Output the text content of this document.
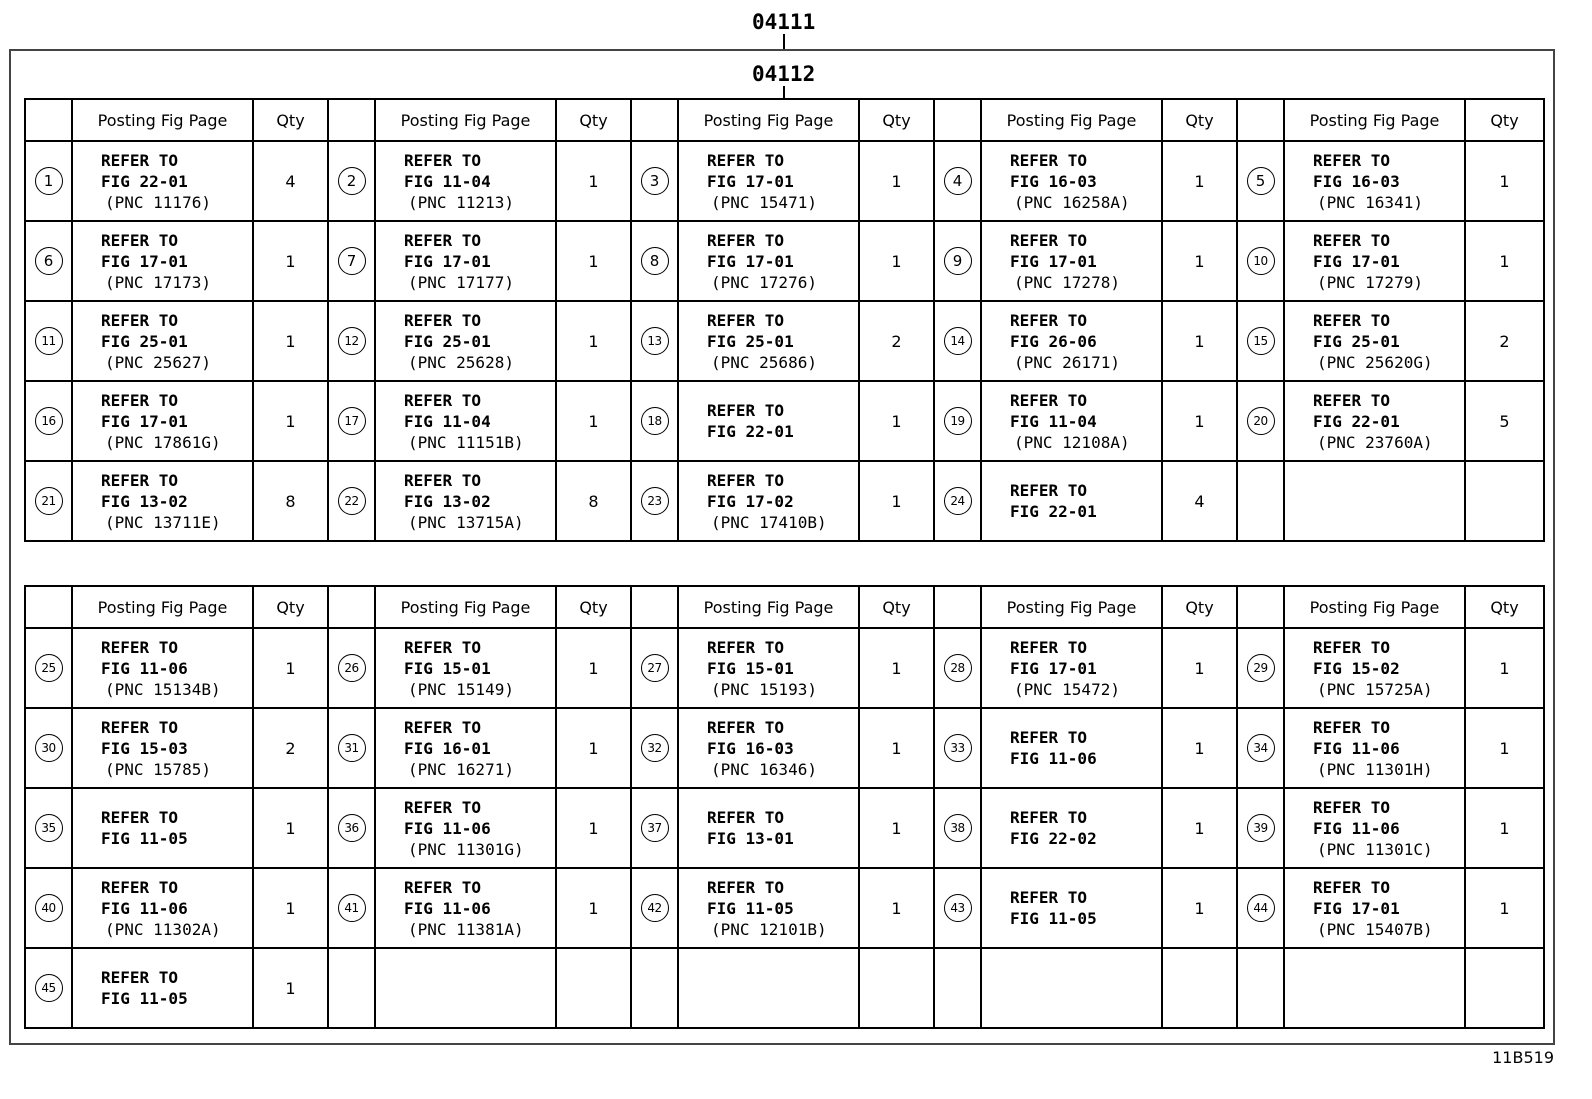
04111
04112
	Posting Fig Page	Qty		Posting Fig Page	Qty		Posting Fig Page	Qty		Posting Fig Page	Qty		Posting Fig Page	Qty
1	REFER TO
FIG 22-01
(PNC 11176)	4	2	REFER TO
FIG 11-04
(PNC 11213)	1	3	REFER TO
FIG 17-01
(PNC 15471)	1	4	REFER TO
FIG 16-03
(PNC 16258A)	1	5	REFER TO
FIG 16-03
(PNC 16341)	1
6	REFER TO
FIG 17-01
(PNC 17173)	1	7	REFER TO
FIG 17-01
(PNC 17177)	1	8	REFER TO
FIG 17-01
(PNC 17276)	1	9	REFER TO
FIG 17-01
(PNC 17278)	1	10	REFER TO
FIG 17-01
(PNC 17279)	1
11	REFER TO
FIG 25-01
(PNC 25627)	1	12	REFER TO
FIG 25-01
(PNC 25628)	1	13	REFER TO
FIG 25-01
(PNC 25686)	2	14	REFER TO
FIG 26-06
(PNC 26171)	1	15	REFER TO
FIG 25-01
(PNC 25620G)	2
16	REFER TO
FIG 17-01
(PNC 17861G)	1	17	REFER TO
FIG 11-04
(PNC 11151B)	1	18	REFER TO
FIG 22-01	1	19	REFER TO
FIG 11-04
(PNC 12108A)	1	20	REFER TO
FIG 22-01
(PNC 23760A)	5
21	REFER TO
FIG 13-02
(PNC 13711E)	8	22	REFER TO
FIG 13-02
(PNC 13715A)	8	23	REFER TO
FIG 17-02
(PNC 17410B)	1	24	REFER TO
FIG 22-01	4			
	Posting Fig Page	Qty		Posting Fig Page	Qty		Posting Fig Page	Qty		Posting Fig Page	Qty		Posting Fig Page	Qty
25	REFER TO
FIG 11-06
(PNC 15134B)	1	26	REFER TO
FIG 15-01
(PNC 15149)	1	27	REFER TO
FIG 15-01
(PNC 15193)	1	28	REFER TO
FIG 17-01
(PNC 15472)	1	29	REFER TO
FIG 15-02
(PNC 15725A)	1
30	REFER TO
FIG 15-03
(PNC 15785)	2	31	REFER TO
FIG 16-01
(PNC 16271)	1	32	REFER TO
FIG 16-03
(PNC 16346)	1	33	REFER TO
FIG 11-06	1	34	REFER TO
FIG 11-06
(PNC 11301H)	1
35	REFER TO
FIG 11-05	1	36	REFER TO
FIG 11-06
(PNC 11301G)	1	37	REFER TO
FIG 13-01	1	38	REFER TO
FIG 22-02	1	39	REFER TO
FIG 11-06
(PNC 11301C)	1
40	REFER TO
FIG 11-06
(PNC 11302A)	1	41	REFER TO
FIG 11-06
(PNC 11381A)	1	42	REFER TO
FIG 11-05
(PNC 12101B)	1	43	REFER TO
FIG 11-05	1	44	REFER TO
FIG 17-01
(PNC 15407B)	1
45	REFER TO
FIG 11-05	1												
11B519
